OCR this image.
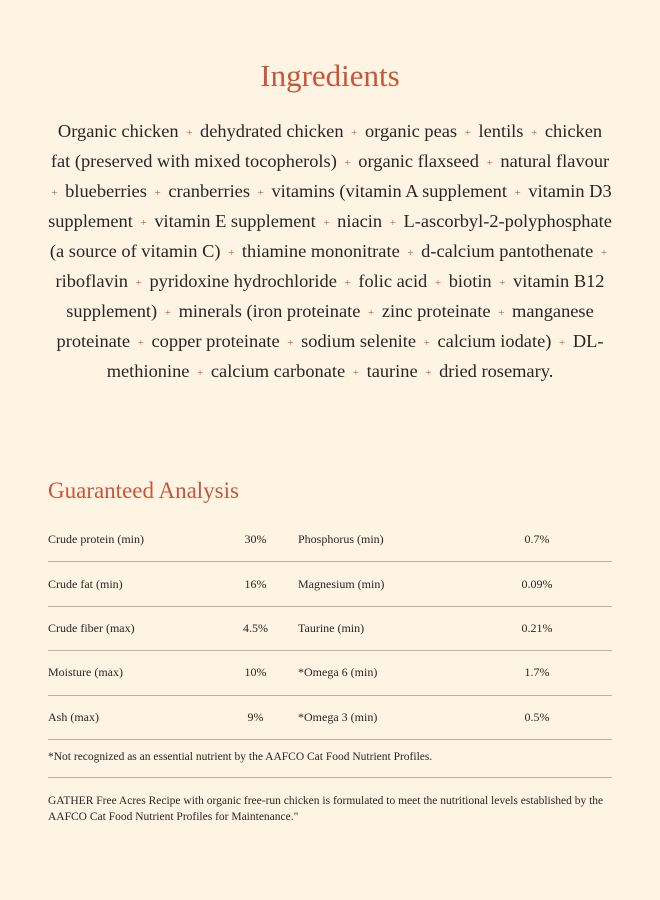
Ingredients

Organic chicken + dehydrated chicken + organic peas + lentils + chicken fat (preserved with mixed tocopherols) + organic flaxseed + natural flavour + blueberries + cranberries + vitamins (vitamin A supplement + vitamin D3 supplement + vitamin E supplement + niacin + L-ascorbyl-2-polyphosphate (a source of vitamin C) + thiamine mononitrate + d-calcium pantothenate + riboflavin + pyridoxine hydrochloride + folic acid + biotin + vitamin B12 supplement) + minerals (iron proteinate + zinc proteinate + manganese proteinate + copper proteinate + sodium selenite + calcium iodate) + DL-methionine + calcium carbonate + taurine + dried rosemary.

Guaranteed Analysis
Crude protein (min)	30%	Phosphorus (min)	0.7%
Crude fat (min)	16%	Magnesium (min)	0.09%
Crude fiber (max)	4.5%	Taurine (min)	0.21%
Moisture (max)	10%	*Omega 6 (min)	1.7%
Ash (max)	9%	*Omega 3 (min)	0.5%

*Not recognized as an essential nutrient by the AAFCO Cat Food Nutrient Profiles.

GATHER Free Acres Recipe with organic free-run chicken is formulated to meet the nutritional levels established by the AAFCO Cat Food Nutrient Profiles for Maintenance."
